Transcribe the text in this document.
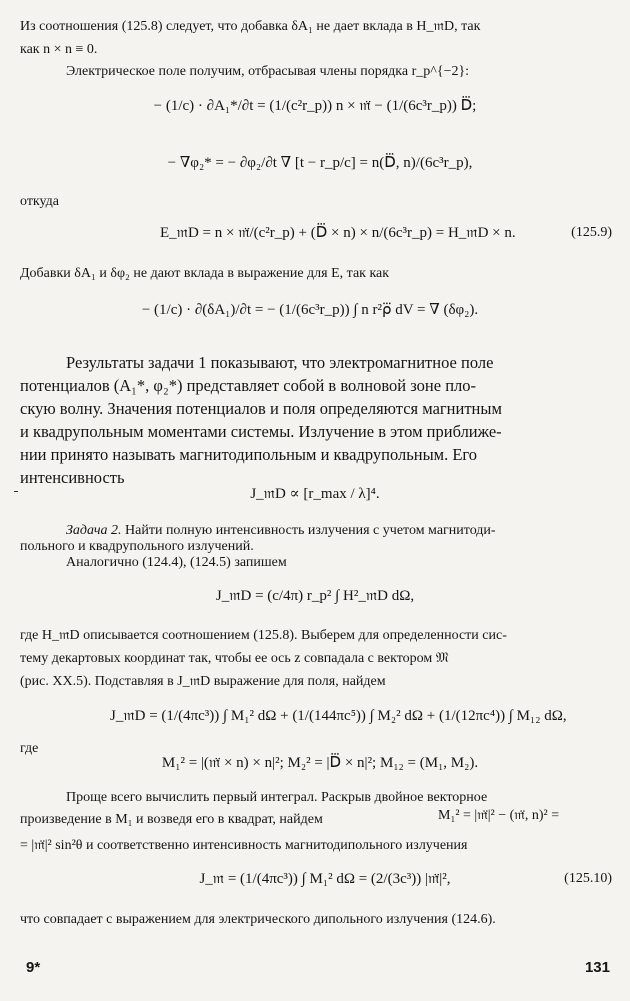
Из соотношения (125.8) следует, что добавка δA₁ не дает вклада в H_𝔪D, так
как n × n ≡ 0.
Электрическое поле получим, отбрасывая члены порядка r_p^{−2}:
− (1/c) · ∂A₁*/∂t = (1/(c²r_p)) n × 𝔪̈ − (1/(6c³r_p)) D⃛;
− ∇φ₂* = − ∂φ₂/∂t ∇ [t − r_p/c] = n(D⃛, n)/(6c³r_p),
откуда
E_𝔪D = n × 𝔪̈/(c²r_p) + (D⃛ × n) × n/(6c³r_p) = H_𝔪D × n.	(125.9)
Добавки δA₁ и δφ₂ не дают вклада в выражение для E, так как
− (1/c) · ∂(δA₁)/∂t = − (1/(6c³r_p)) ∫ n r²ρ⃛ dV = ∇ (δφ₂).
Результаты задачи 1 показывают, что электромагнитное поле
потенциалов (A₁*, φ₂*) представляет собой в волновой зоне пло-
скую волну. Значения потенциалов и поля определяются магнитным
и квадрупольным моментами системы. Излучение в этом приближе-
нии принято называть магнитодипольным и квадрупольным. Его
интенсивность
J_𝔪D ∝ [r_max / λ]⁴.
Задача 2. Найти полную интенсивность излучения с учетом магнитоди-
польного и квадрупольного излучений.
Аналогично (124.4), (124.5) запишем
J_𝔪D = (c/4π) r_p² ∫ H²_𝔪D dΩ,
где H_𝔪D описывается соотношением (125.8). Выберем для определенности сис-
тему декартовых координат так, чтобы ее ось z совпадала с вектором 𝔐
(рис. XX.5). Подставляя в J_𝔪D выражение для поля, найдем
J_𝔪D = (1/(4πc³)) ∫ M₁² dΩ + (1/(144πc⁵)) ∫ M₂² dΩ + (1/(12πc⁴)) ∫ M₁₂ dΩ,
где
M₁² = |(𝔪̈ × n) × n|²; M₂² = |D⃛ × n|²; M₁₂ = (M₁, M₂).
Проще всего вычислить первый интеграл. Раскрыв двойное векторное
произведение в M₁ и возведя его в квадрат, найдем	M₁² = |𝔪̈|² − (𝔪̈, n)² =
= |𝔪̈|² sin²θ и соответственно интенсивность магнитодипольного излучения
J_𝔪 = (1/(4πc³)) ∫ M₁² dΩ = (2/(3c³)) |𝔪̈|²,	(125.10)
что совпадает с выражением для электрического дипольного излучения (124.6).
9*	131
